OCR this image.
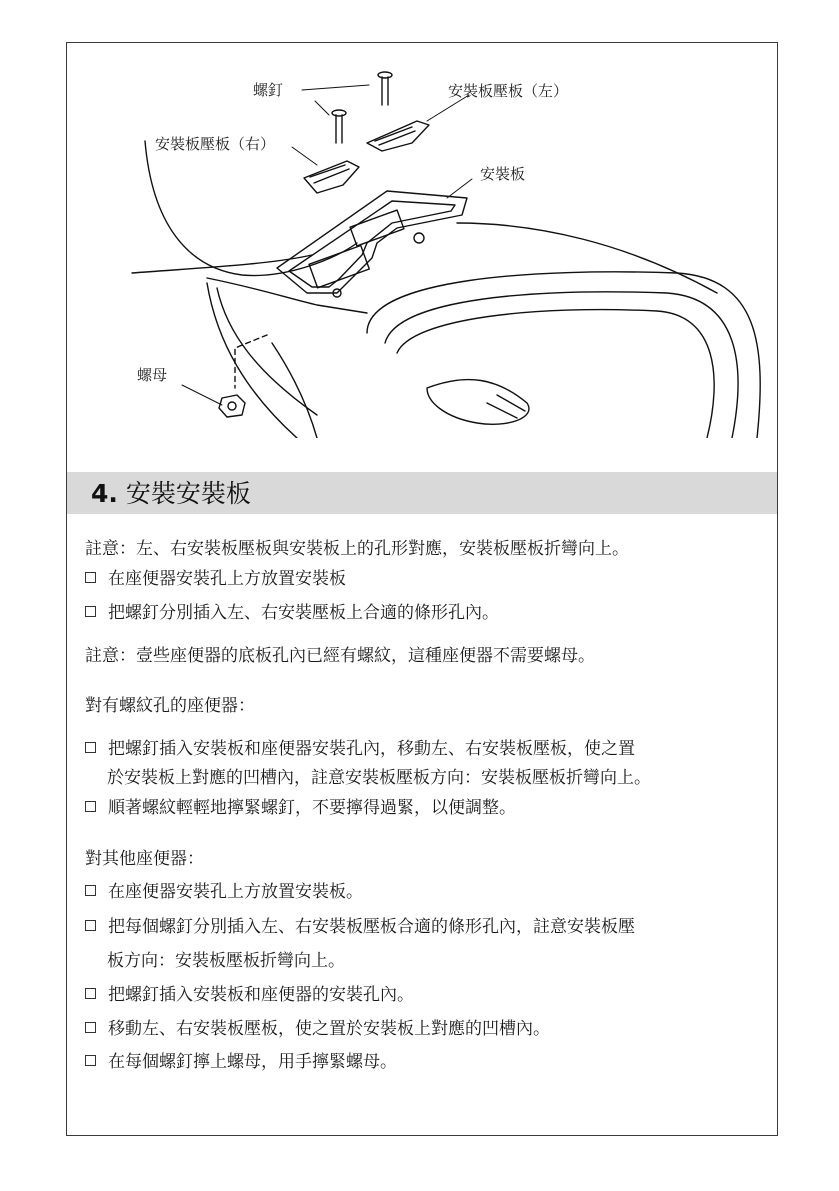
螺釘	安裝板壓板（左）
安裝板壓板（右）
安裝板
螺母
4. 安裝安裝板
註意：左、右安裝板壓板與安裝板上的孔形對應，安裝板壓板折彎向上。
在座便器安裝孔上方放置安裝板
把螺釘分別插入左、右安裝壓板上合適的條形孔內。
註意：壹些座便器的底板孔內已經有螺紋，這種座便器不需要螺母。
對有螺紋孔的座便器：
把螺釘插入安裝板和座便器安裝孔內，移動左、右安裝板壓板，使之置
於安裝板上對應的凹槽內，註意安裝板壓板方向：安裝板壓板折彎向上。
順著螺紋輕輕地擰緊螺釘，不要擰得過緊，以便調整。
對其他座便器：
在座便器安裝孔上方放置安裝板。
把每個螺釘分別插入左、右安裝板壓板合適的條形孔內，註意安裝板壓
板方向：安裝板壓板折彎向上。
把螺釘插入安裝板和座便器的安裝孔內。
移動左、右安裝板壓板，使之置於安裝板上對應的凹槽內。
在每個螺釘擰上螺母，用手擰緊螺母。
